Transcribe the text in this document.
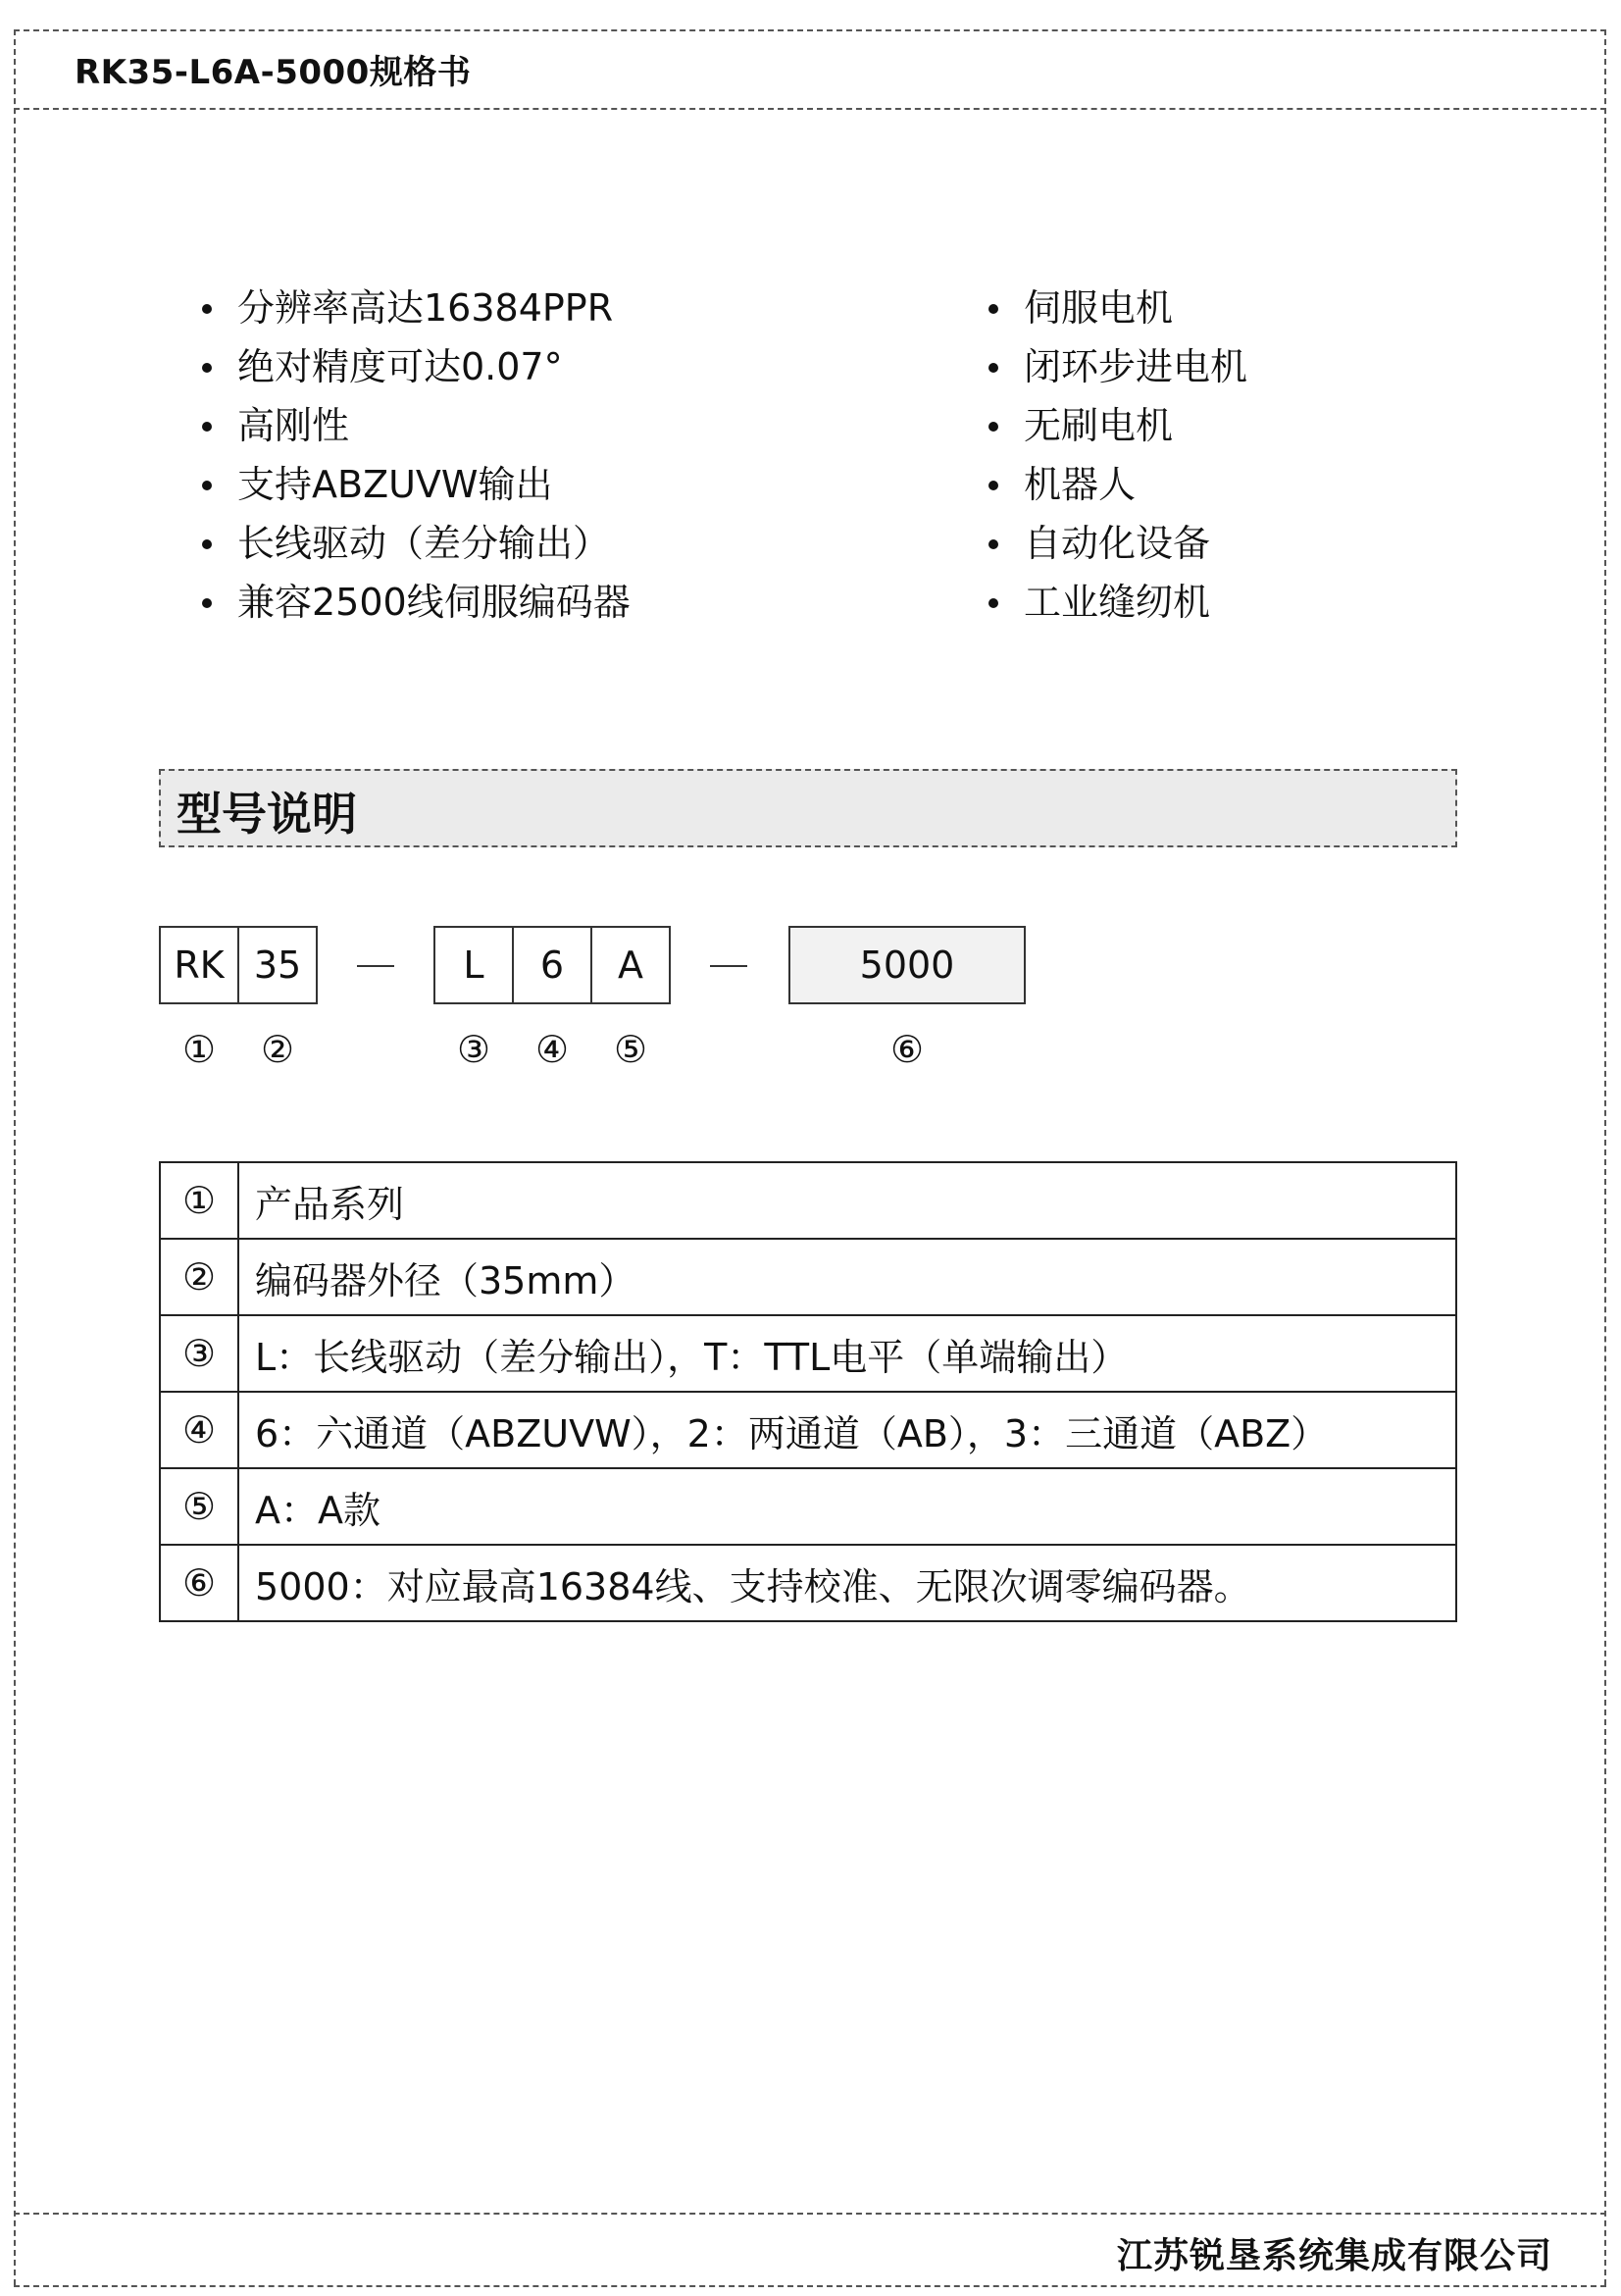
RK35-L6A-5000规格书
分辨率高达16384PPR
绝对精度可达0.07°
高刚性
支持ABZUVW输出
长线驱动（差分输出）
兼容2500线伺服编码器
伺服电机
闭环步进电机
无刷电机
机器人
自动化设备
工业缝纫机
型号说明
RK 35	L	6	A	5000
①	②	③	④	⑤	⑥
①	产品系列
②	编码器外径（35mm）
③	L：长线驱动（差分输出），T：TTL电平（单端输出）
④	6：六通道（ABZUVW），2：两通道（AB），3：三通道（ABZ）
⑤	A：A款
⑥	5000：对应最高16384线、支持校准、无限次调零编码器。
江苏锐垦系统集成有限公司
